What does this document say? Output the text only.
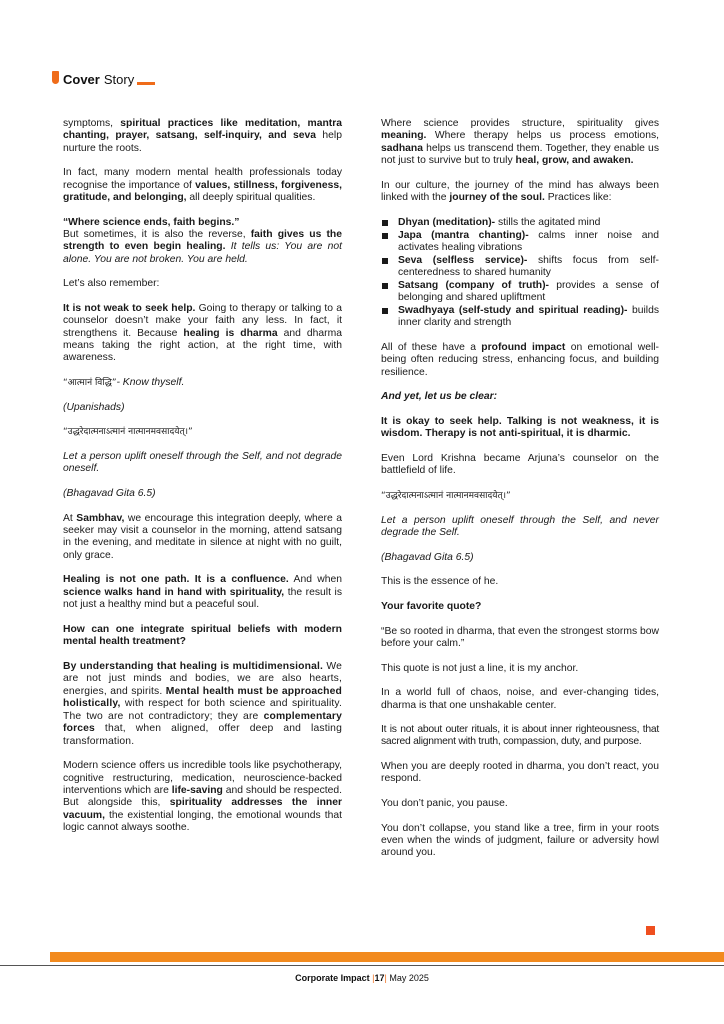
Cover Story

symptoms, spiritual practices like meditation, mantra chanting, prayer, satsang, self-inquiry, and seva help nurture the roots.

In fact, many modern mental health professionals today recognise the importance of values, stillness, forgiveness, gratitude, and belonging, all deeply spiritual qualities.

“Where science ends, faith begins.”
But sometimes, it is also the reverse, faith gives us the strength to even begin healing. It tells us: You are not alone. You are not broken. You are held.

Let’s also remember:

It is not weak to seek help. Going to therapy or talking to a counselor doesn’t make your faith any less. In fact, it strengthens it. Because healing is dharma and dharma means taking the right action, at the right time, with awareness.

“आत्मानं विद्धि”- Know thyself.

(Upanishads)

“उद्धरेदात्मनाऽत्मानं नात्मानमवसादयेत्।”

Let a person uplift oneself through the Self, and not degrade oneself.

(Bhagavad Gita 6.5)

At Sambhav, we encourage this integration deeply, where a seeker may visit a counselor in the morning, attend satsang in the evening, and meditate in silence at night with no guilt, only grace.

Healing is not one path. It is a confluence. And when science walks hand in hand with spirituality, the result is not just a healthy mind but a peaceful soul.

How can one integrate spiritual beliefs with modern mental health treatment?

By understanding that healing is multidimensional. We are not just minds and bodies, we are also hearts, energies, and spirits. Mental health must be approached holistically, with respect for both science and spirituality. The two are not contradictory; they are complementary forces that, when aligned, offer deep and lasting transformation.

Modern science offers us incredible tools like psychotherapy, cognitive restructuring, medication, neuroscience-backed interventions which are life-saving and should be respected. But alongside this, spirituality addresses the inner vacuum, the existential longing, the emotional wounds that logic cannot always soothe.

Where science provides structure, spirituality gives meaning. Where therapy helps us process emotions, sadhana helps us transcend them. Together, they enable us not just to survive but to truly heal, grow, and awaken.

In our culture, the journey of the mind has always been linked with the journey of the soul. Practices like:

Dhyan (meditation)- stills the agitated mind
Japa (mantra chanting)- calms inner noise and activates healing vibrations
Seva (selfless service)- shifts focus from self-centeredness to shared humanity
Satsang (company of truth)- provides a sense of belonging and shared upliftment
Swadhyaya (self-study and spiritual reading)- builds inner clarity and strength

All of these have a profound impact on emotional well-being often reducing stress, enhancing focus, and building resilience.

And yet, let us be clear:

It is okay to seek help. Talking is not weakness, it is wisdom. Therapy is not anti-spiritual, it is dharmic.

Even Lord Krishna became Arjuna’s counselor on the battlefield of life.

“उद्धरेदात्मनाऽत्मानं नात्मानमवसादयेत्।”

Let a person uplift oneself through the Self, and never degrade the Self.

(Bhagavad Gita 6.5)

This is the essence of he.

Your favorite quote?

“Be so rooted in dharma, that even the strongest storms bow before your calm.”

This quote is not just a line, it is my anchor.

In a world full of chaos, noise, and ever-changing tides, dharma is that one unshakable center.

It is not about outer rituals, it is about inner righteousness, that sacred alignment with truth, compassion, duty, and purpose.

When you are deeply rooted in dharma, you don’t react, you respond.

You don’t panic, you pause.

You don’t collapse, you stand like a tree, firm in your roots even when the winds of judgment, failure or adversity howl around you.

Corporate Impact |17| May 2025
